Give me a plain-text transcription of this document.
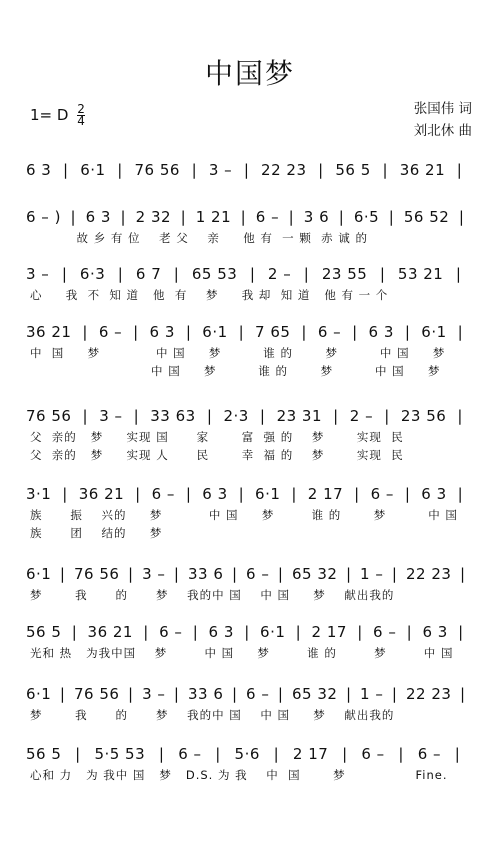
中国梦
1= D $\frac{2}{4}$	张国伟 词
刘北休 曲
6 3 | 6·1 | 76 56 | 3 – | 22 23 | 56 5 | 36 21 |
6 – ) | 6 3 | 2 32 | 1 21 | 6 – | 3 6 | 6·5 | 56 52 |
故 乡 有 位    老 父    亲     他 有  一 颗  赤 诚 的
3 – | 6·3 | 6 7 | 65 53 | 2 – | 23 55 | 53 21 |
心     我  不  知 道   他  有    梦     我 却  知 道   他 有 一 个
36 21 | 6 – | 6 3 | 6·1 | 7 65 | 6 – | 6 3 | 6·1 |
中  国     梦            中 国     梦         谁 的       梦         中 国     梦
中 国     梦         谁 的       梦         中 国     梦
76 56 | 3 – | 33 63 | 2·3 | 23 31 | 2 – | 23 56 |
父  亲的   梦     实现 国      家       富  强 的    梦       实现  民
父  亲的   梦     实现 人      民       幸  福 的    梦       实现  民
3·1 | 36 21 | 6 – | 6 3 | 6·1 | 2 17 | 6 – | 6 3 |
族      振    兴的     梦          中 国     梦        谁 的       梦         中 国
族      团    结的     梦
6·1 | 76 56 | 3 – | 33 6 | 6 – | 65 32 | 1 – | 22 23 |
梦       我      的      梦    我的中 国    中 国     梦    献出我的
56 5 | 36 21 | 6 – | 6 3 | 6·1 | 2 17 | 6 – | 6 3 |
光和 热   为我中国    梦        中 国     梦        谁 的        梦        中 国
6·1 | 76 56 | 3 – | 33 6 | 6 – | 65 32 | 1 – | 22 23 |
梦       我      的      梦    我的中 国    中 国     梦    献出我的
56 5 | 5·5 53 | 6 – | 5·6 | 2 17 | 6 – | 6 – |
心和 力   为 我中 国   梦   D.S. 为 我    中  国       梦               Fine.
